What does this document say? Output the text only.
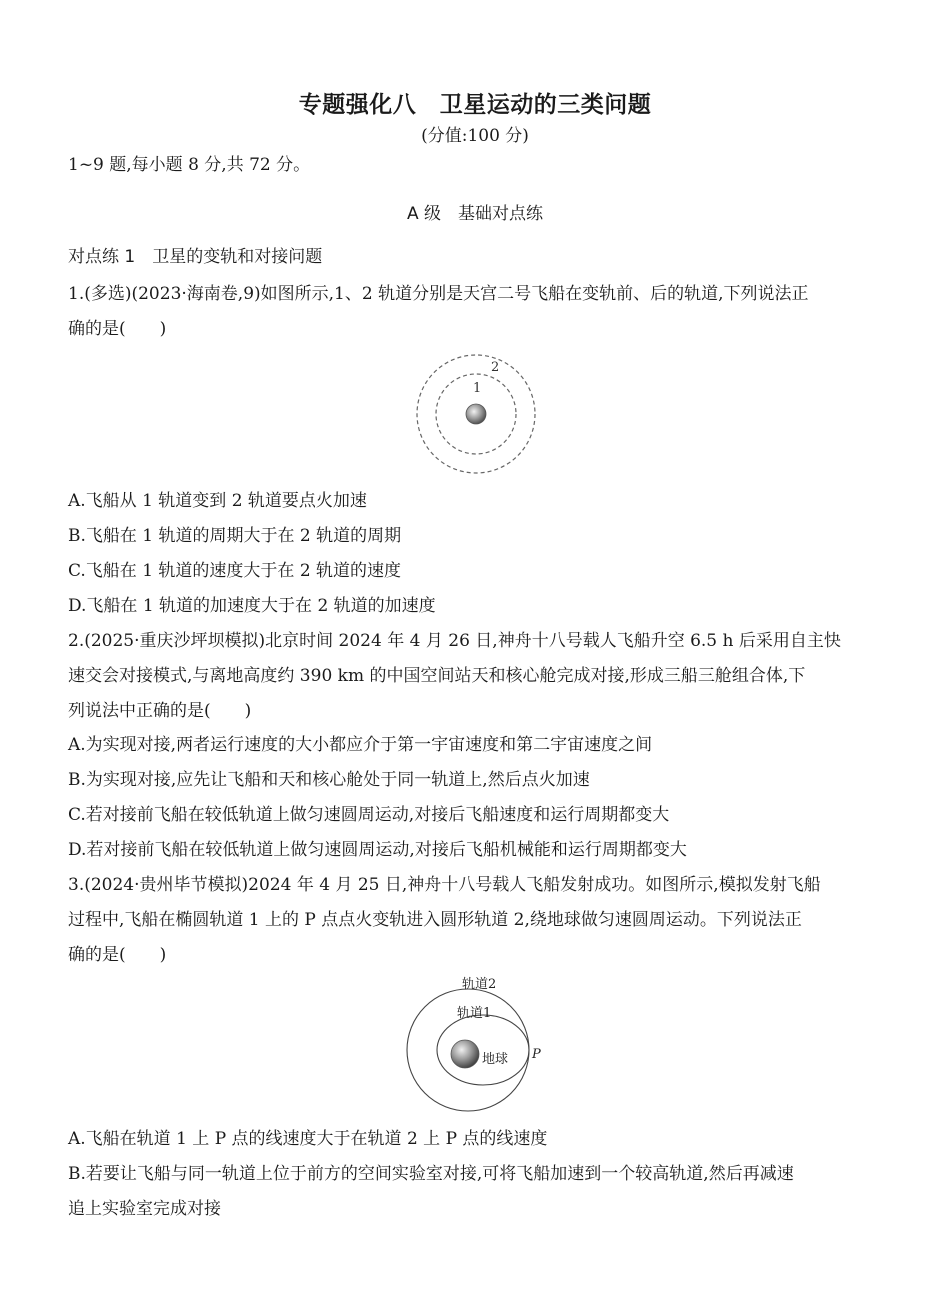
专题强化八　卫星运动的三类问题
(分值:100 分)
1~9 题,每小题 8 分,共 72 分。
A 级　基础对点练
对点练 1　卫星的变轨和对接问题
1.(多选)(2023·海南卷,9)如图所示,1、2 轨道分别是天宫二号飞船在变轨前、后的轨道,下列说法正
确的是(　　)
1
2
A.飞船从 1 轨道变到 2 轨道要点火加速
B.飞船在 1 轨道的周期大于在 2 轨道的周期
C.飞船在 1 轨道的速度大于在 2 轨道的速度
D.飞船在 1 轨道的加速度大于在 2 轨道的加速度
2.(2025·重庆沙坪坝模拟)北京时间 2024 年 4 月 26 日,神舟十八号载人飞船升空 6.5 h 后采用自主快
速交会对接模式,与离地高度约 390 km 的中国空间站天和核心舱完成对接,形成三船三舱组合体,下
列说法中正确的是(　　)
A.为实现对接,两者运行速度的大小都应介于第一宇宙速度和第二宇宙速度之间
B.为实现对接,应先让飞船和天和核心舱处于同一轨道上,然后点火加速
C.若对接前飞船在较低轨道上做匀速圆周运动,对接后飞船速度和运行周期都变大
D.若对接前飞船在较低轨道上做匀速圆周运动,对接后飞船机械能和运行周期都变大
3.(2024·贵州毕节模拟)2024 年 4 月 25 日,神舟十八号载人飞船发射成功。如图所示,模拟发射飞船
过程中,飞船在椭圆轨道 1 上的 P 点点火变轨进入圆形轨道 2,绕地球做匀速圆周运动。下列说法正
确的是(　　)
轨道2
轨道1
地球 P
A.飞船在轨道 1 上 P 点的线速度大于在轨道 2 上 P 点的线速度
B.若要让飞船与同一轨道上位于前方的空间实验室对接,可将飞船加速到一个较高轨道,然后再减速
追上实验室完成对接
